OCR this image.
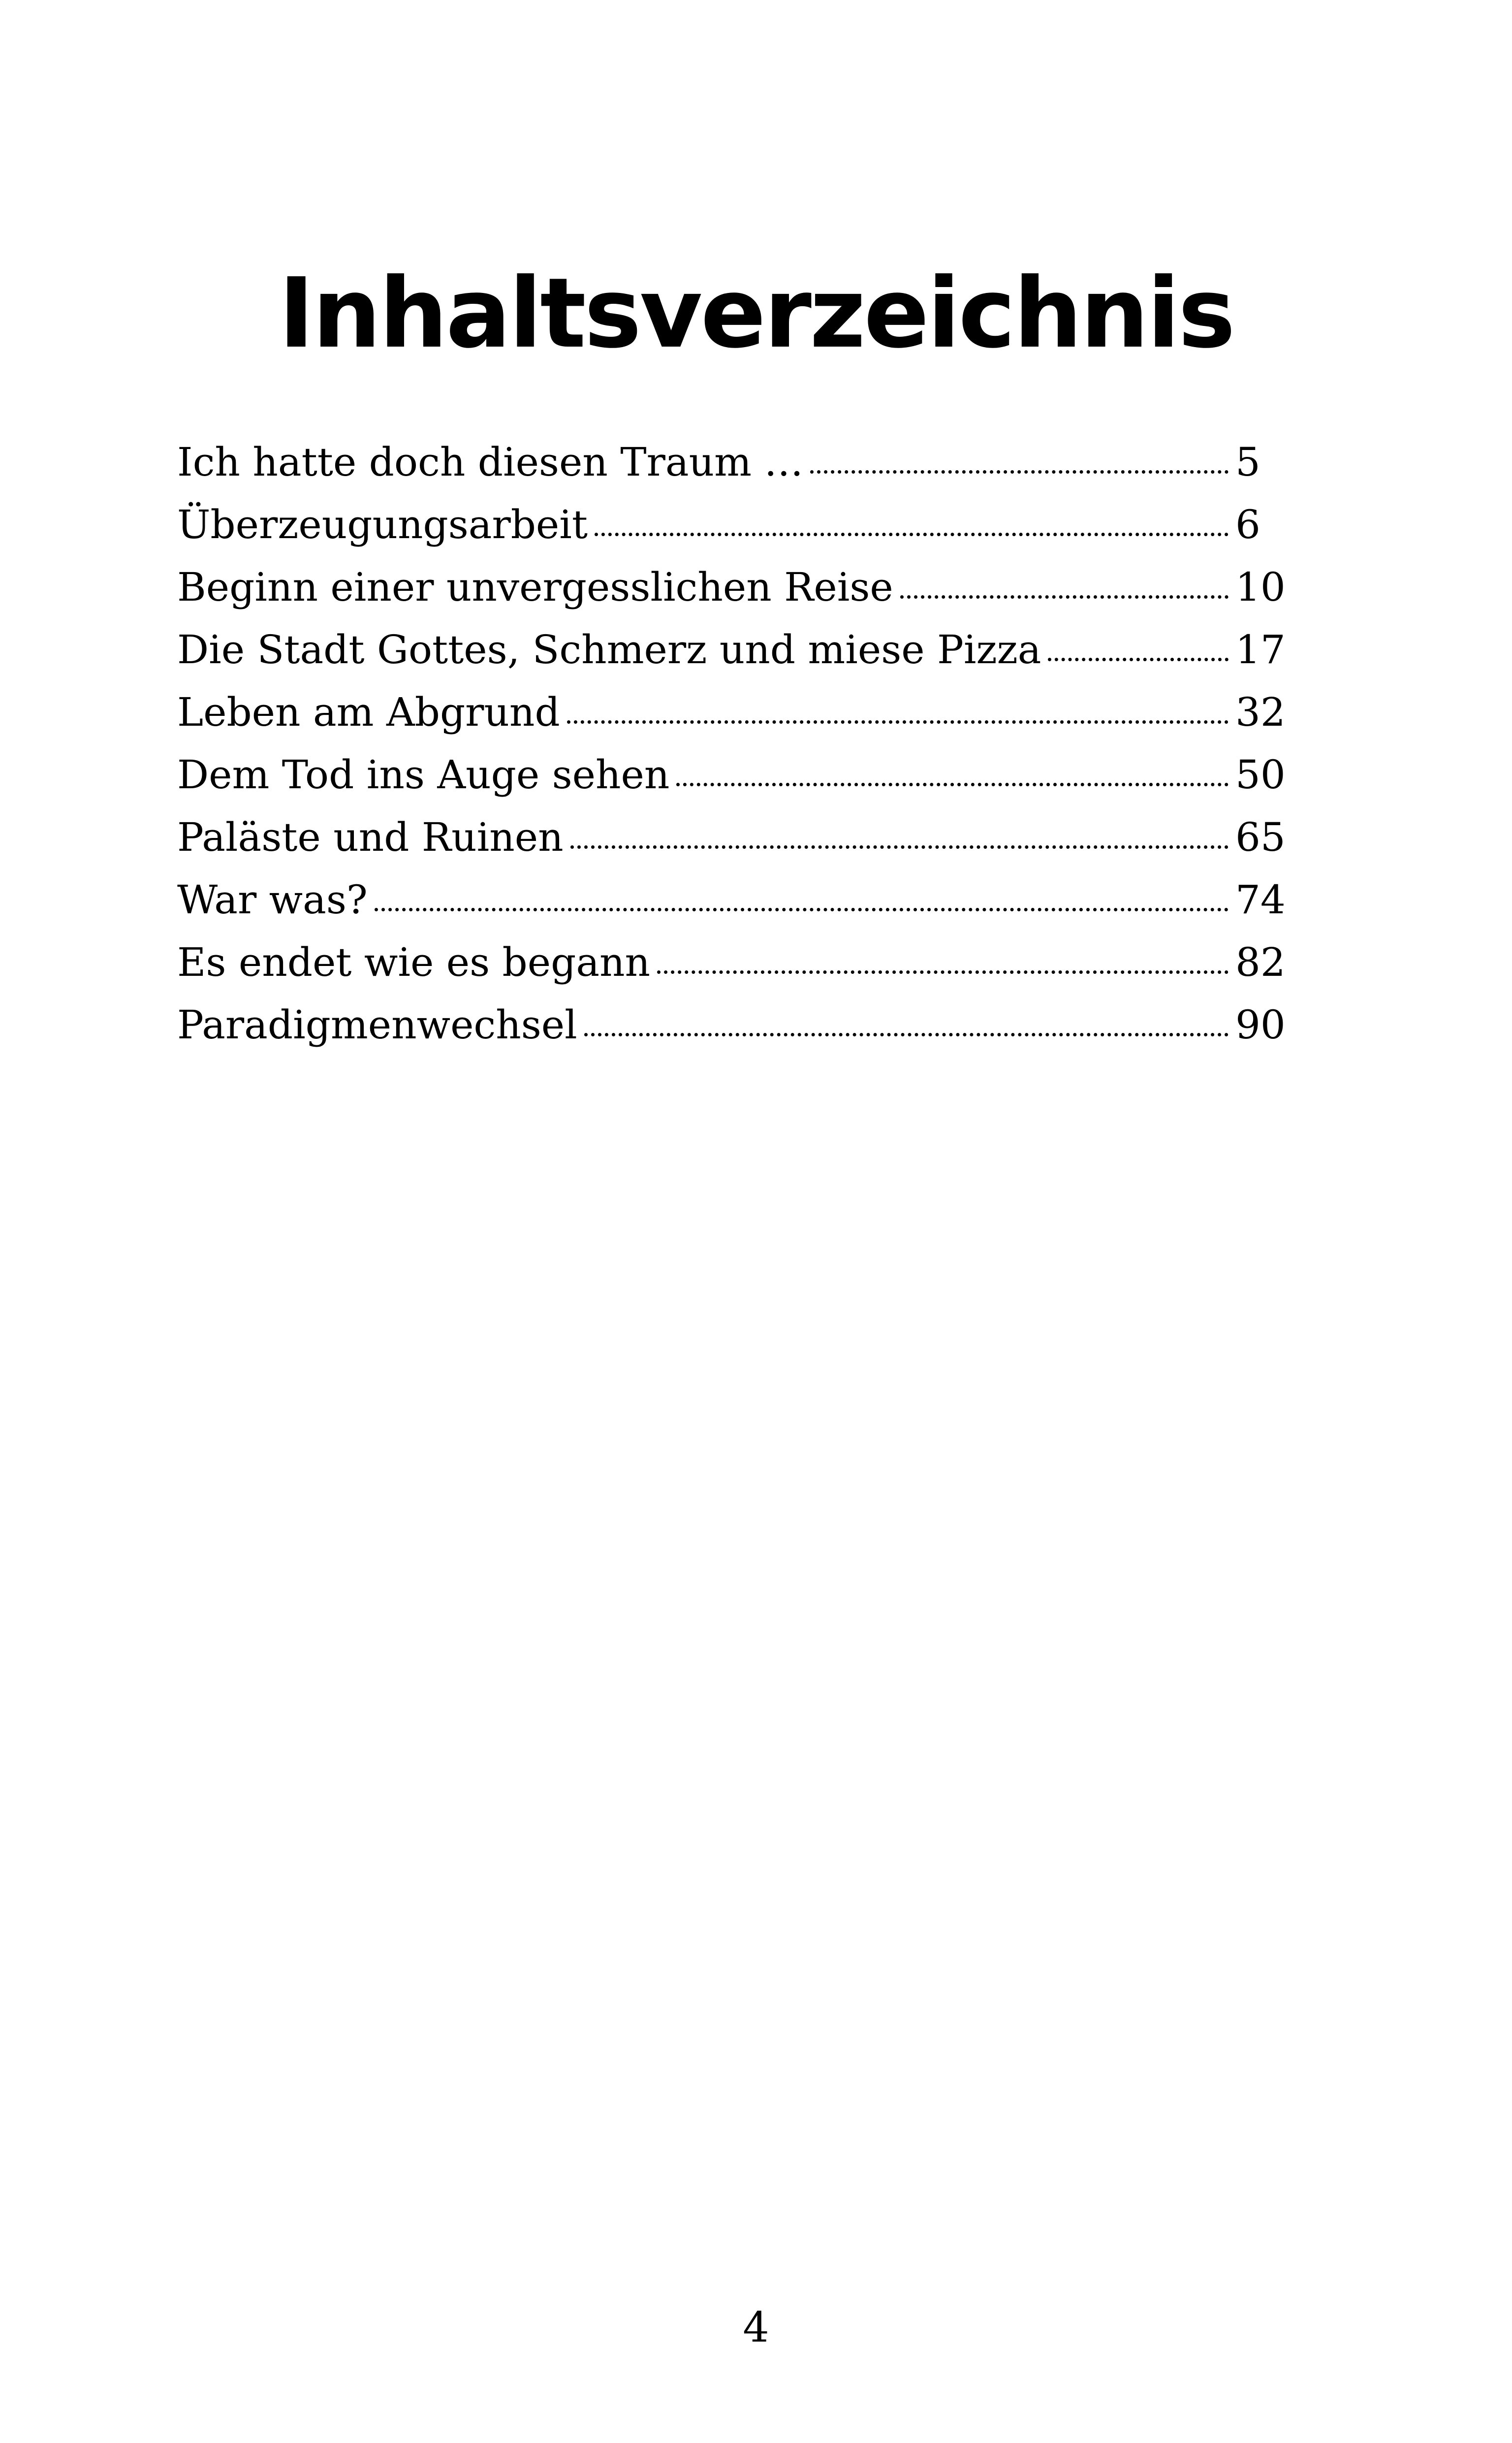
Inhaltsverzeichnis
Ich hatte doch diesen Traum …	5
Überzeugungsarbeit	6
Beginn einer unvergesslichen Reise	10
Die Stadt Gottes, Schmerz und miese Pizza	17
Leben am Abgrund	32
Dem Tod ins Auge sehen	50
Paläste und Ruinen	65
War was?	74
Es endet wie es begann	82
Paradigmenwechsel	90
4
